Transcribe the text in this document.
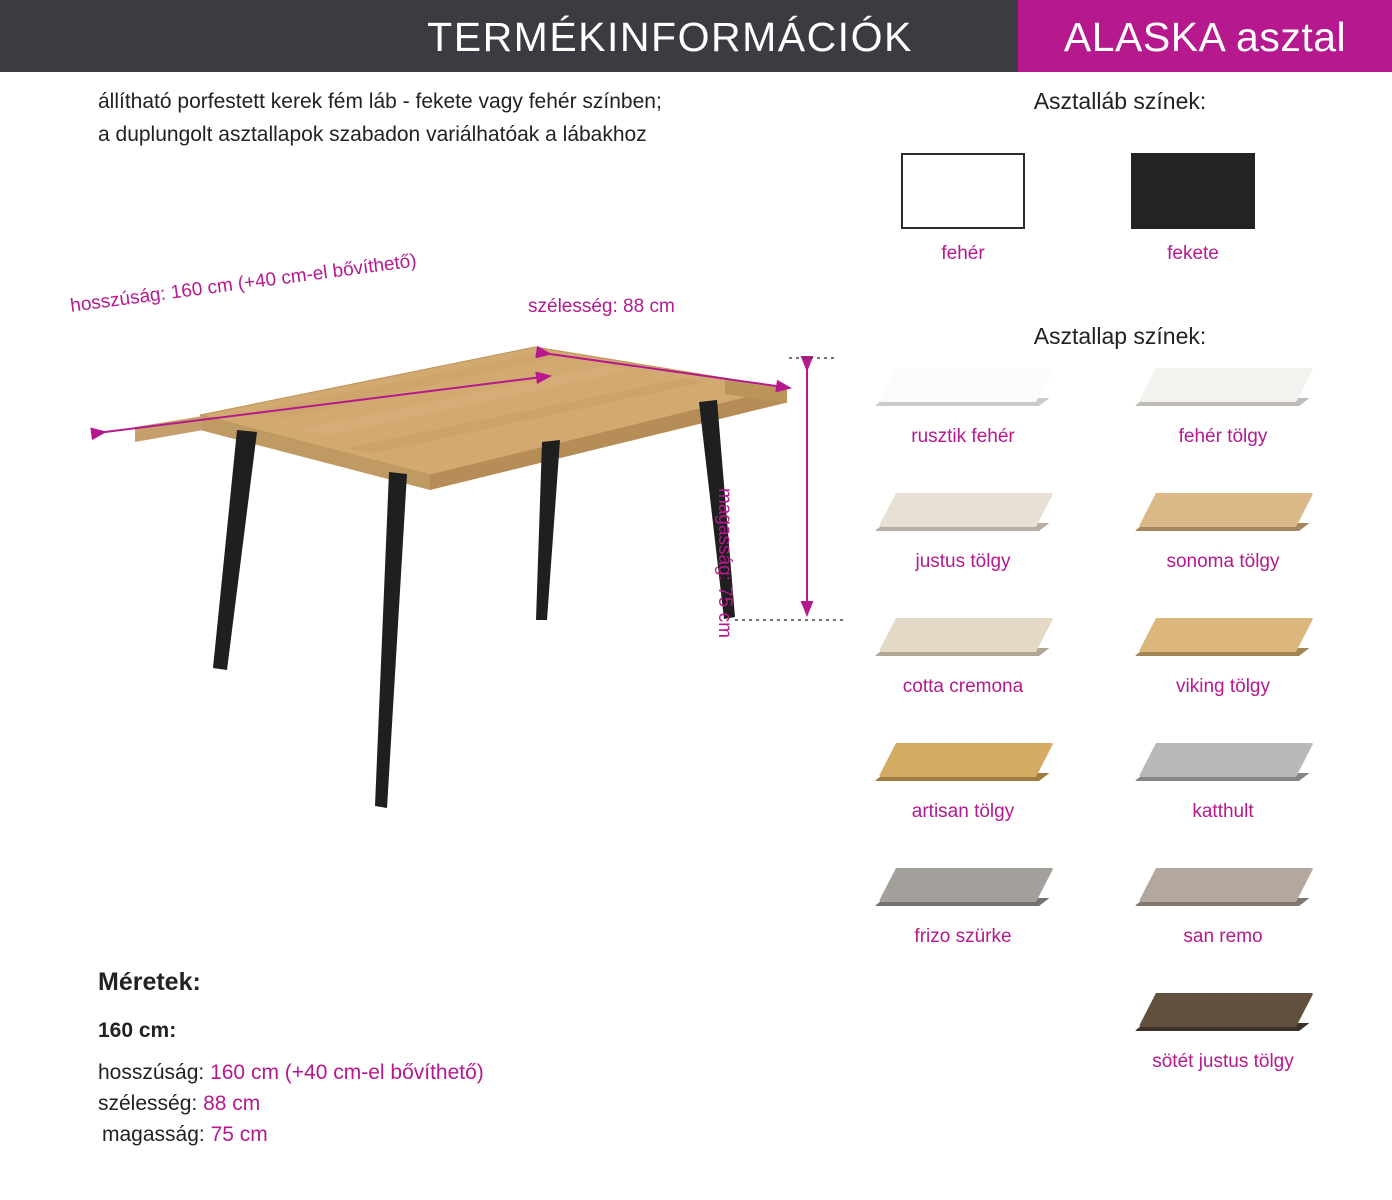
TERMÉKINFORMÁCIÓK	ALASKA asztal
állítható porfestett kerek fém láb - fekete vagy fehér színben;
a duplungolt asztallapok szabadon variálhatóak a lábakhoz
hosszúság: 160 cm (+40 cm-el bővíthető)	szélesség: 88 cm
magasság: 75 cm
Méretek:
160 cm:
hosszúság: 160 cm (+40 cm-el bővíthető)
szélesség: 88 cm
magasság: 75 cm
Asztalláb színek:
fehér	fekete
Asztallap színek:
rusztik fehér	fehér tölgy
justus tölgy	sonoma tölgy
cotta cremona	viking tölgy
artisan tölgy	katthult
frizo szürke	san remo
sötét justus tölgy
